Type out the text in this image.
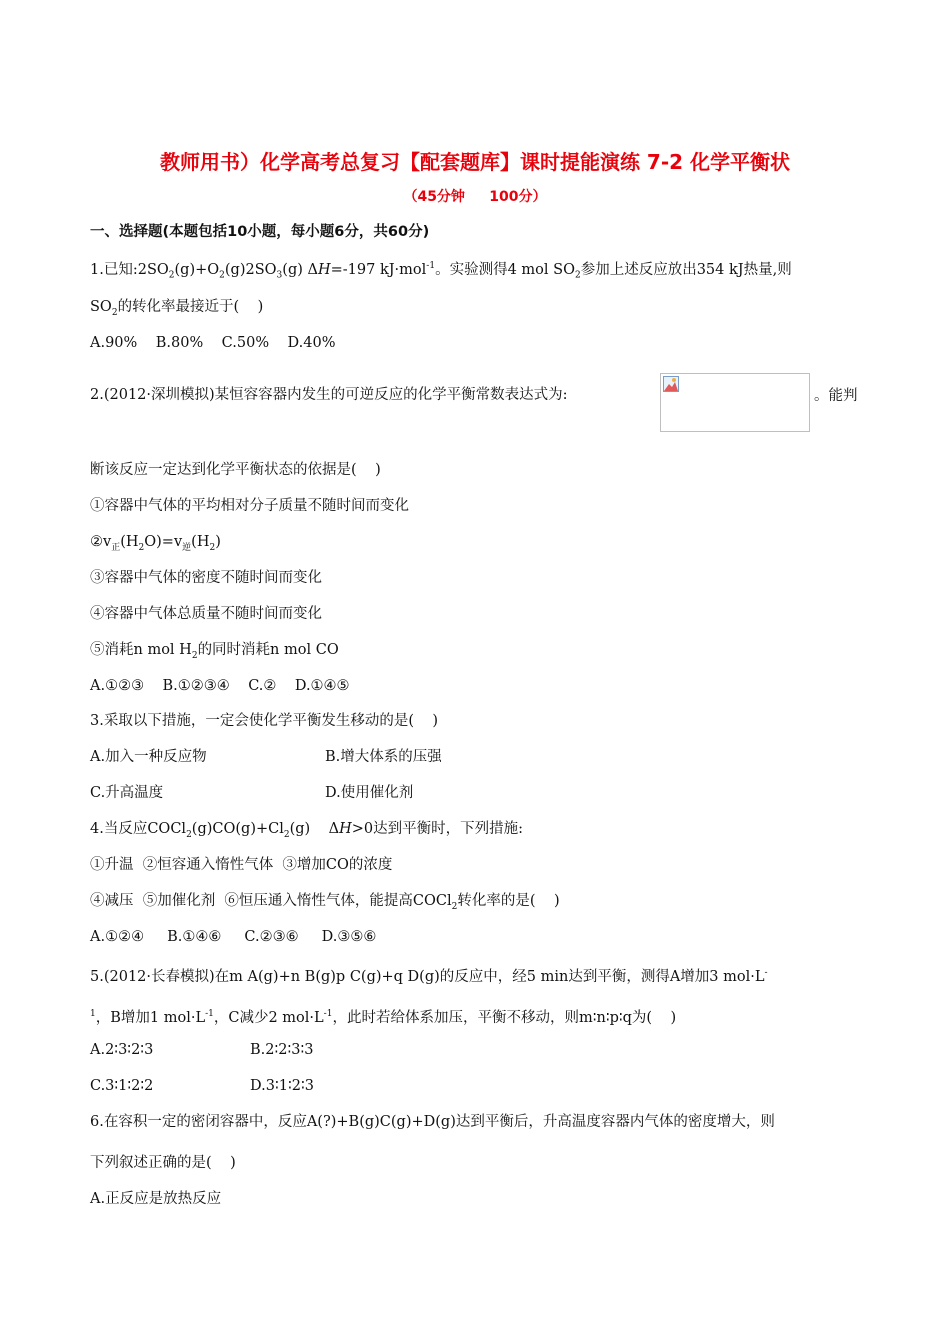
教师用书）化学高考总复习【配套题库】课时提能演练 7-2 化学平衡状
（45分钟     100分）
一、选择题(本题包括10小题，每小题6分，共60分)
1.已知$:2SO_2(g)+O_2(g)2SO_3(g)$ ΔH=-197 kJ·mol$^{-1}$。实验测得4 mol $SO_2$参加上述反应放出354 kJ热量,则
$SO_2$的转化率最接近于(    )
A.90%    B.80%    C.50%    D.40%
2.(2012·深圳模拟)某恒容容器内发生的可逆反应的化学平衡常数表达式为:	。能判
断该反应一定达到化学平衡状态的依据是(    )
①容器中气体的平均相对分子质量不随时间而变化
$②v_正(H_2O)=v_逆(H_2)$
③容器中气体的密度不随时间而变化
④容器中气体总质量不随时间而变化
⑤消耗n mol $H_2$的同时消耗n mol CO
A.①②③    B.①②③④    C.②    D.①④⑤
3.采取以下措施，一定会使化学平衡发生移动的是(    )
A.加入一种反应物	B.增大体系的压强
C.升高温度	D.使用催化剂
4.当反应$COCl_2(g)CO(g)+Cl_2(g)$    ΔH>0达到平衡时，下列措施:
①升温  ②恒容通入惰性气体  ③增加CO的浓度
④减压  ⑤加催化剂  ⑥恒压通入惰性气体，能提高COCl$_2$转化率的是(    )
A.①②④     B.①④⑥     C.②③⑥     D.③⑤⑥
5.(2012·长春模拟)在m A(g)+n B(g)p C(g)+q D(g)的反应中，经5 min达到平衡，测得A增加3 mol·L-
$^1$，B增加1 $mol\cdot L^{-1}$，C减少2 $mol\cdot L^{-1}$，此时若给体系加压，平衡不移动，则m∶n∶p∶q为(    )
A.2∶3∶2∶3	B.2∶2∶3∶3
C.3∶1∶2∶2	D.3∶1∶2∶3
6.在容积一定的密闭容器中，反应A(?)+B(g)C(g)+D(g)达到平衡后，升高温度容器内气体的密度增大，则
下列叙述正确的是(    )
A.正反应是放热反应
